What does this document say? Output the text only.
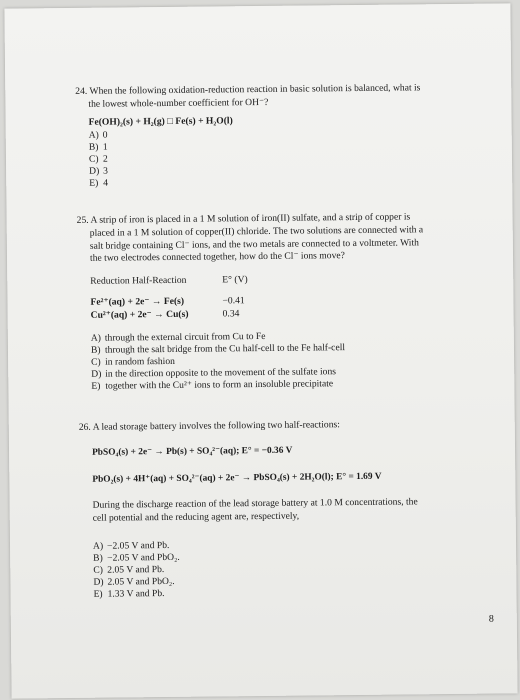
24. When the following oxidation-reduction reaction in basic solution is balanced, what is
the lowest whole-number coefficient for OH⁻?
Fe(OH)₂(s) + H₂(g) □ Fe(s) + H₂O(l)
A) 0
B) 1
C) 2
D) 3
E) 4
25. A strip of iron is placed in a 1 M solution of iron(II) sulfate, and a strip of copper is
placed in a 1 M solution of copper(II) chloride. The two solutions are connected with a
salt bridge containing Cl⁻ ions, and the two metals are connected to a voltmeter. With
the two electrodes connected together, how do the Cl⁻ ions move?
Reduction Half-Reaction	E° (V)
Fe²⁺(aq) + 2e⁻ → Fe(s)	−0.41
Cu²⁺(aq) + 2e⁻ → Cu(s)	0.34
A) through the external circuit from Cu to Fe
B) through the salt bridge from the Cu half-cell to the Fe half-cell
C) in random fashion
D) in the direction opposite to the movement of the sulfate ions
E) together with the Cu²⁺ ions to form an insoluble precipitate
26. A lead storage battery involves the following two half-reactions:
PbSO₄(s) + 2e⁻ → Pb(s) + SO₄²⁻(aq); E° = −0.36 V
PbO₂(s) + 4H⁺(aq) + SO₄²⁻(aq) + 2e⁻ → PbSO₄(s) + 2H₂O(l); E° = 1.69 V
During the discharge reaction of the lead storage battery at 1.0 M concentrations, the
cell potential and the reducing agent are, respectively,
A) −2.05 V and Pb.
B) −2.05 V and PbO₂.
C) 2.05 V and Pb.
D) 2.05 V and PbO₂.
E) 1.33 V and Pb.
8
